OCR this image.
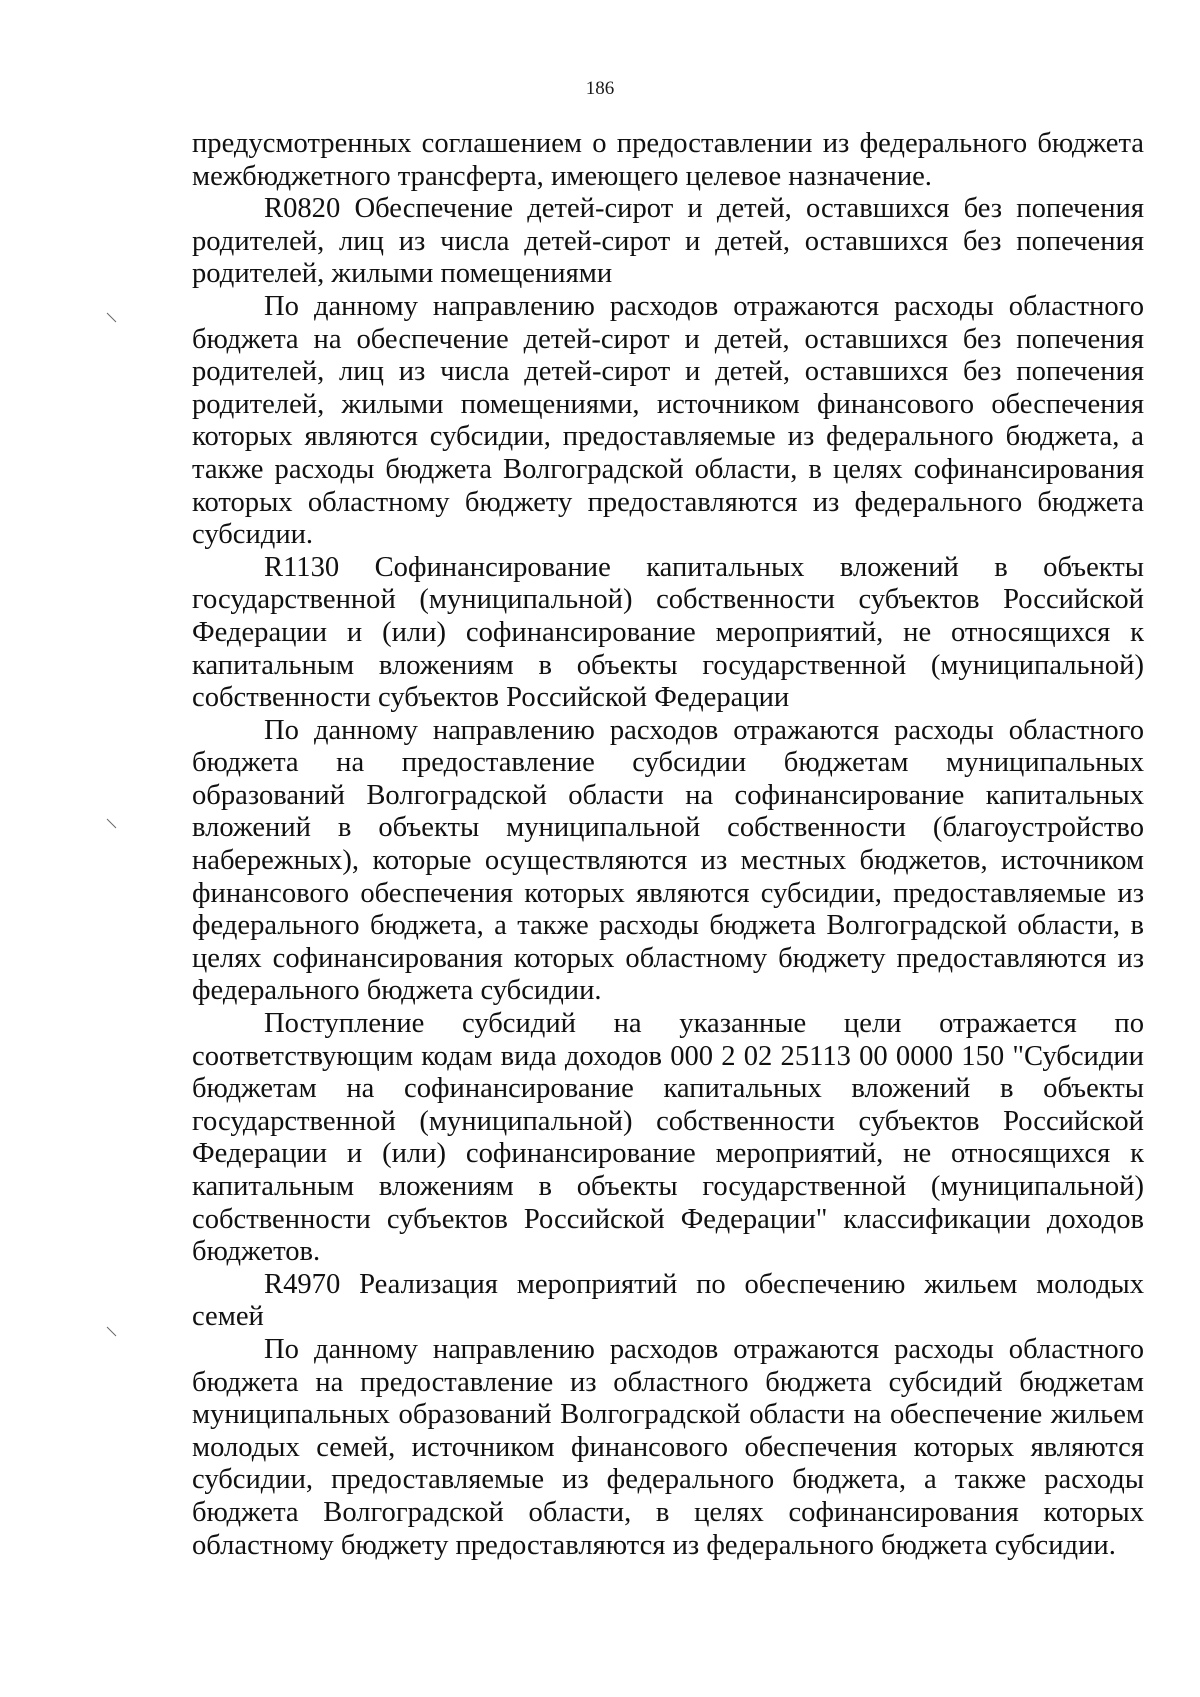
186

предусмотренных соглашением о предоставлении из федерального бюджета межбюджетного трансферта, имеющего целевое назначение.

R0820 Обеспечение детей-сирот и детей, оставшихся без попечения родителей, лиц из числа детей-сирот и детей, оставшихся без попечения родителей, жилыми помещениями

По данному направлению расходов отражаются расходы областного бюджета на обеспечение детей-сирот и детей, оставшихся без попечения родителей, лиц из числа детей-сирот и детей, оставшихся без попечения родителей, жилыми помещениями, источником финансового обеспечения которых являются субсидии, предоставляемые из федерального бюджета, а также расходы бюджета Волгоградской области, в целях софинансирования которых областному бюджету предоставляются из федерального бюджета субсидии.

R1130 Софинансирование капитальных вложений в объекты государственной (муниципальной) собственности субъектов Российской Федерации и (или) софинансирование мероприятий, не относящихся к капитальным вложениям в объекты государственной (муниципальной) собственности субъектов Российской Федерации

По данному направлению расходов отражаются расходы областного бюджета на предоставление субсидии бюджетам муниципальных образований Волгоградской области на софинансирование капитальных вложений в объекты муниципальной собственности (благоустройство набережных), которые осуществляются из местных бюджетов, источником финансового обеспечения которых являются субсидии, предоставляемые из федерального бюджета, а также расходы бюджета Волгоградской области, в целях софинансирования которых областному бюджету предоставляются из федерального бюджета субсидии.

Поступление субсидий на указанные цели отражается по соответствующим кодам вида доходов 000 2 02 25113 00 0000 150 "Субсидии бюджетам на софинансирование капитальных вложений в объекты государственной (муниципальной) собственности субъектов Российской Федерации и (или) софинансирование мероприятий, не относящихся к капитальным вложениям в объекты государственной (муниципальной) собственности субъектов Российской Федерации" классификации доходов бюджетов.

R4970 Реализация мероприятий по обеспечению жильем молодых семей

По данному направлению расходов отражаются расходы областного бюджета на предоставление из областного бюджета субсидий бюджетам муниципальных образований Волгоградской области на обеспечение жильем молодых семей, источником финансового обеспечения которых являются субсидии, предоставляемые из федерального бюджета, а также расходы бюджета Волгоградской области, в целях софинансирования которых областному бюджету предоставляются из федерального бюджета субсидии.
